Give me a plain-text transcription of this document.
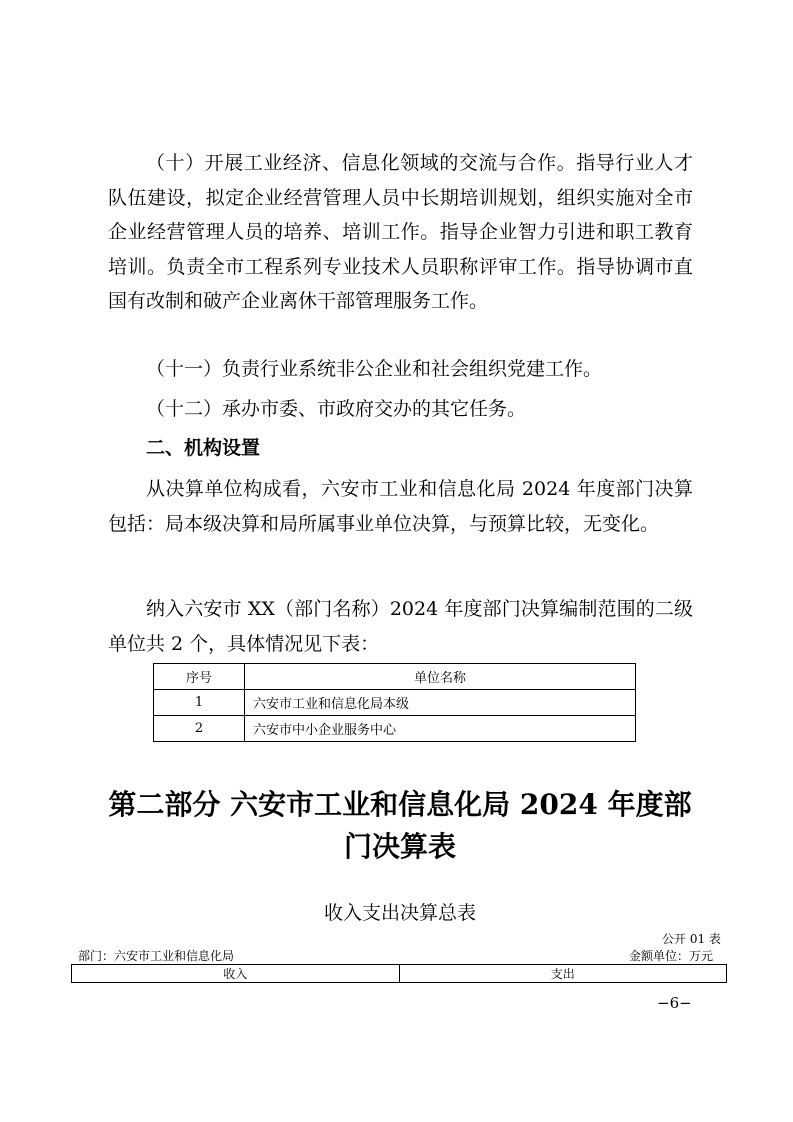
（十）开展工业经济、信息化领域的交流与合作。指导行业人才队伍建设，拟定企业经营管理人员中长期培训规划，组织实施对全市企业经营管理人员的培养、培训工作。指导企业智力引进和职工教育培训。负责全市工程系列专业技术人员职称评审工作。指导协调市直国有改制和破产企业离休干部管理服务工作。

（十一）负责行业系统非公企业和社会组织党建工作。

（十二）承办市委、市政府交办的其它任务。

二、机构设置

从决算单位构成看，六安市工业和信息化局 2024 年度部门决算包括：局本级决算和局所属事业单位决算，与预算比较，无变化。

纳入六安市 XX（部门名称）2024 年度部门决算编制范围的二级单位共 2 个，具体情况见下表：

序号	单位名称
1	六安市工业和信息化局本级
2	六安市中小企业服务中心
第二部分 六安市工业和信息化局 2024 年度部
门决算表

收入支出决算总表

公开 01 表

部门：六安市工业和信息化局	金额单位：万元

收入	支出

−6−
